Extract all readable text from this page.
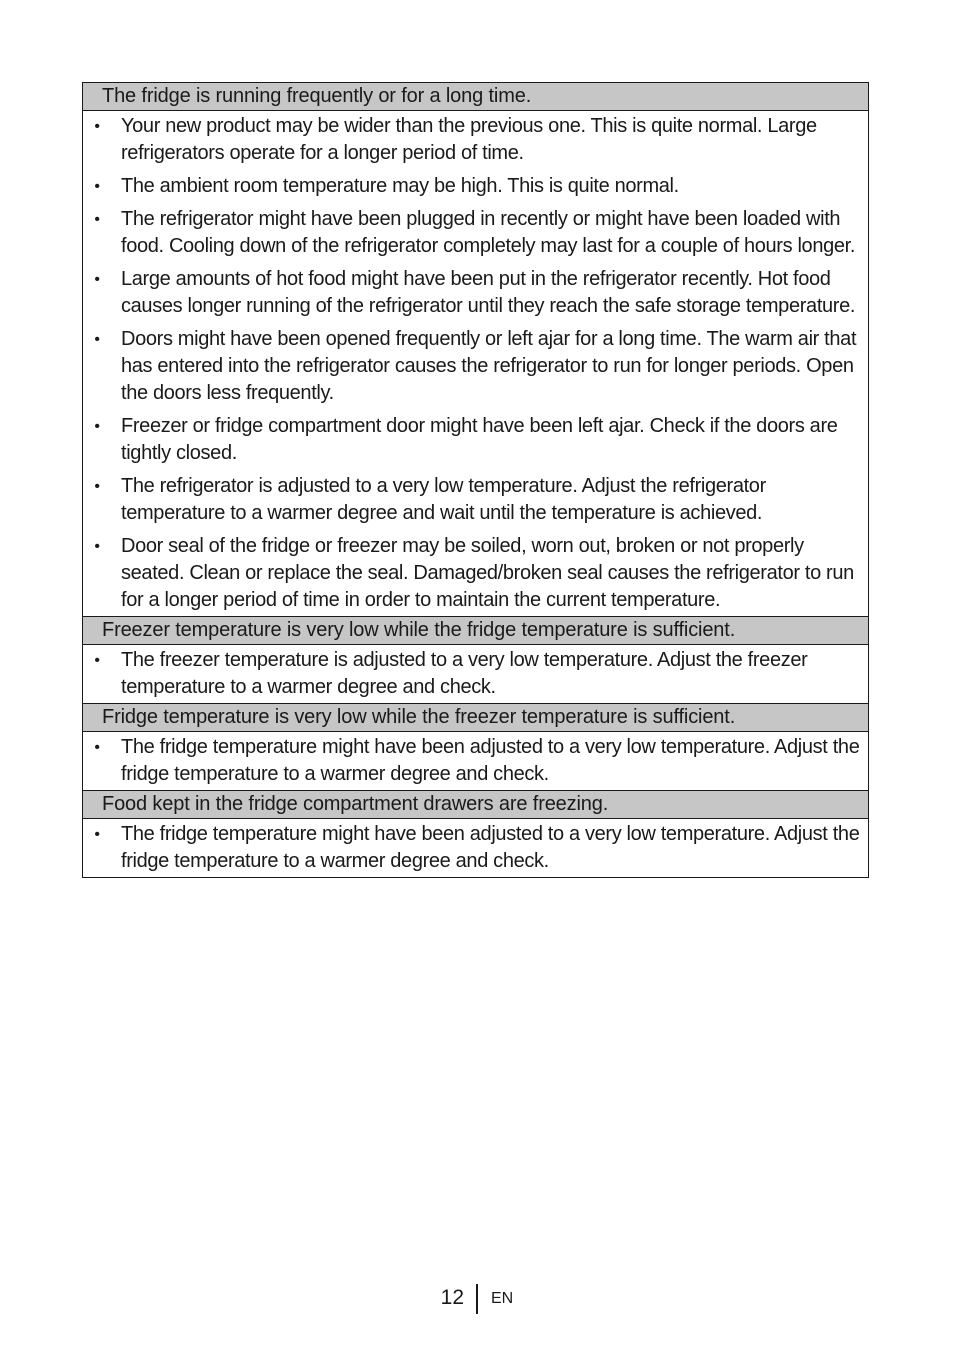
The fridge is running frequently or for a long time.
• Your new product may be wider than the previous one. This is quite normal. Large refrigerators operate for a longer period of time.
• The ambient room temperature may be high. This is quite normal.
• The refrigerator might have been plugged in recently or might have been loaded with food. Cooling down of the refrigerator completely may last for a couple of hours longer.
• Large amounts of hot food might have been put in the refrigerator recently. Hot food causes longer running of the refrigerator until they reach the safe storage temperature.
• Doors might have been opened frequently or left ajar for a long time. The warm air that has entered into the refrigerator causes the refrigerator to run for longer periods. Open the doors less frequently.
• Freezer or fridge compartment door might have been left ajar. Check if the doors are tightly closed.
• The refrigerator is adjusted to a very low temperature. Adjust the refrigerator temperature to a warmer degree and wait until the temperature is achieved.
• Door seal of the fridge or freezer may be soiled, worn out, broken or not properly seated. Clean or replace the seal. Damaged/broken seal causes the refrigerator to run for a longer period of time in order to maintain the current temperature.
Freezer temperature is very low while the fridge temperature is sufficient.
• The freezer temperature is adjusted to a very low temperature. Adjust the freezer temperature to a warmer degree and check.
Fridge temperature is very low while the freezer temperature is sufficient.
• The fridge temperature might have been adjusted to a very low temperature. Adjust the fridge temperature to a warmer degree and check.
Food kept in the fridge compartment drawers are freezing.
• The fridge temperature might have been adjusted to a very low temperature. Adjust the fridge temperature to a warmer degree and check.
12 EN
